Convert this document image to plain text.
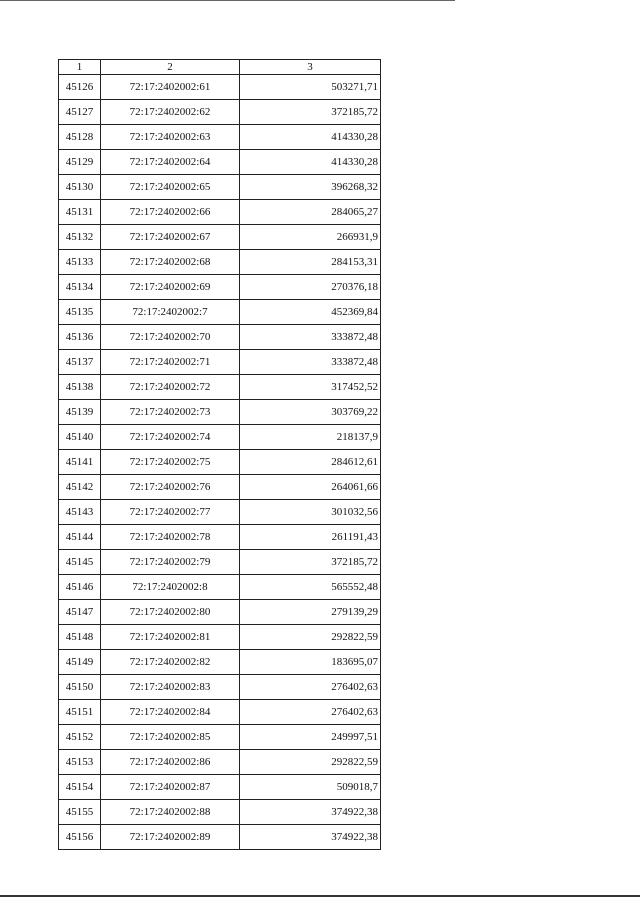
1	2	3
45126	72:17:2402002:61	503271,71
45127	72:17:2402002:62	372185,72
45128	72:17:2402002:63	414330,28
45129	72:17:2402002:64	414330,28
45130	72:17:2402002:65	396268,32
45131	72:17:2402002:66	284065,27
45132	72:17:2402002:67	266931,9
45133	72:17:2402002:68	284153,31
45134	72:17:2402002:69	270376,18
45135	72:17:2402002:7	452369,84
45136	72:17:2402002:70	333872,48
45137	72:17:2402002:71	333872,48
45138	72:17:2402002:72	317452,52
45139	72:17:2402002:73	303769,22
45140	72:17:2402002:74	218137,9
45141	72:17:2402002:75	284612,61
45142	72:17:2402002:76	264061,66
45143	72:17:2402002:77	301032,56
45144	72:17:2402002:78	261191,43
45145	72:17:2402002:79	372185,72
45146	72:17:2402002:8	565552,48
45147	72:17:2402002:80	279139,29
45148	72:17:2402002:81	292822,59
45149	72:17:2402002:82	183695,07
45150	72:17:2402002:83	276402,63
45151	72:17:2402002:84	276402,63
45152	72:17:2402002:85	249997,51
45153	72:17:2402002:86	292822,59
45154	72:17:2402002:87	509018,7
45155	72:17:2402002:88	374922,38
45156	72:17:2402002:89	374922,38
